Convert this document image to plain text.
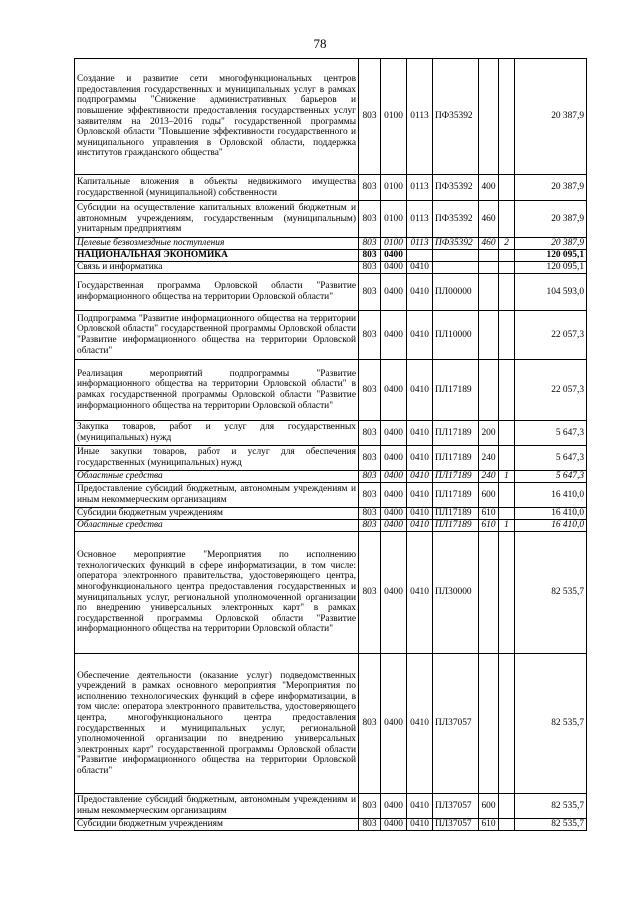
78
Создание и развитие сети многофункциональных центров предоставления государственных и муниципальных услуг в рамках подпрограммы "Снижение административных барьеров и повышение эффективности предоставления государственных услуг заявителям на 2013–2016 годы" государственной программы Орловской области "Повышение эффективности государственного и муниципального управления в Орловской области, поддержка институтов гражданского общества"	803	0100	0113	ПФ35392			20 387,9
Капитальные вложения в объекты недвижимого имущества государственной (муниципальной) собственности	803	0100	0113	ПФ35392	400		20 387,9
Субсидии на осуществление капитальных вложений бюджетным и автономным учреждениям, государственным (муниципальным) унитарным предприятиям	803	0100	0113	ПФ35392	460		20 387,9
Целевые безвозмездные поступления	803	0100	0113	ПФ35392	460	2	20 387,9
НАЦИОНАЛЬНАЯ ЭКОНОМИКА	803	0400					120 095,1
Связь и информатика	803	0400	0410				120 095,1
Государственная программа Орловской области "Развитие информационного общества на территории Орловской области"	803	0400	0410	ПЛ00000			104 593,0
Подпрограмма "Развитие информационного общества на территории Орловской области" государственной программы Орловской области "Развитие информационного общества на территории Орловской области"	803	0400	0410	ПЛ10000			22 057,3
Реализация мероприятий подпрограммы "Развитие информационного общества на территории Орловской области" в рамках государственной программы Орловской области "Развитие информационного общества на территории Орловской области"	803	0400	0410	ПЛ17189			22 057,3
Закупка товаров, работ и услуг для государственных (муниципальных) нужд	803	0400	0410	ПЛ17189	200		5 647,3
Иные закупки товаров, работ и услуг для обеспечения государственных (муниципальных) нужд	803	0400	0410	ПЛ17189	240		5 647,3
Областные средства	803	0400	0410	ПЛ17189	240	1	5 647,3
Предоставление субсидий бюджетным, автономным учреждениям и иным некоммерческим организациям	803	0400	0410	ПЛ17189	600		16 410,0
Субсидии бюджетным учреждениям	803	0400	0410	ПЛ17189	610		16 410,0
Областные средства	803	0400	0410	ПЛ17189	610	1	16 410,0
Основное мероприятие "Мероприятия по исполнению технологических функций в сфере информатизации, в том числе: оператора электронного правительства, удостоверяющего центра, многофункционального центра предоставления государственных и муниципальных услуг, региональной уполномоченной организации по внедрению универсальных электронных карт" в рамках государственной программы Орловской области "Развитие информационного общества на территории Орловской области"	803	0400	0410	ПЛ30000			82 535,7
Обеспечение деятельности (оказание услуг) подведомственных учреждений в рамках основного мероприятия "Мероприятия по исполнению технологических функций в сфере информатизации, в том числе: оператора электронного правительства, удостоверяющего центра, многофункционального центра предоставления государственных и муниципальных услуг, региональной уполномоченной организации по внедрению универсальных электронных карт" государственной программы Орловской области "Развитие информационного общества на территории Орловской области"	803	0400	0410	ПЛ37057			82 535,7
Предоставление субсидий бюджетным, автономным учреждениям и иным некоммерческим организациям	803	0400	0410	ПЛ37057	600		82 535,7
Субсидии бюджетным учреждениям	803	0400	0410	ПЛ37057	610		82 535,7
